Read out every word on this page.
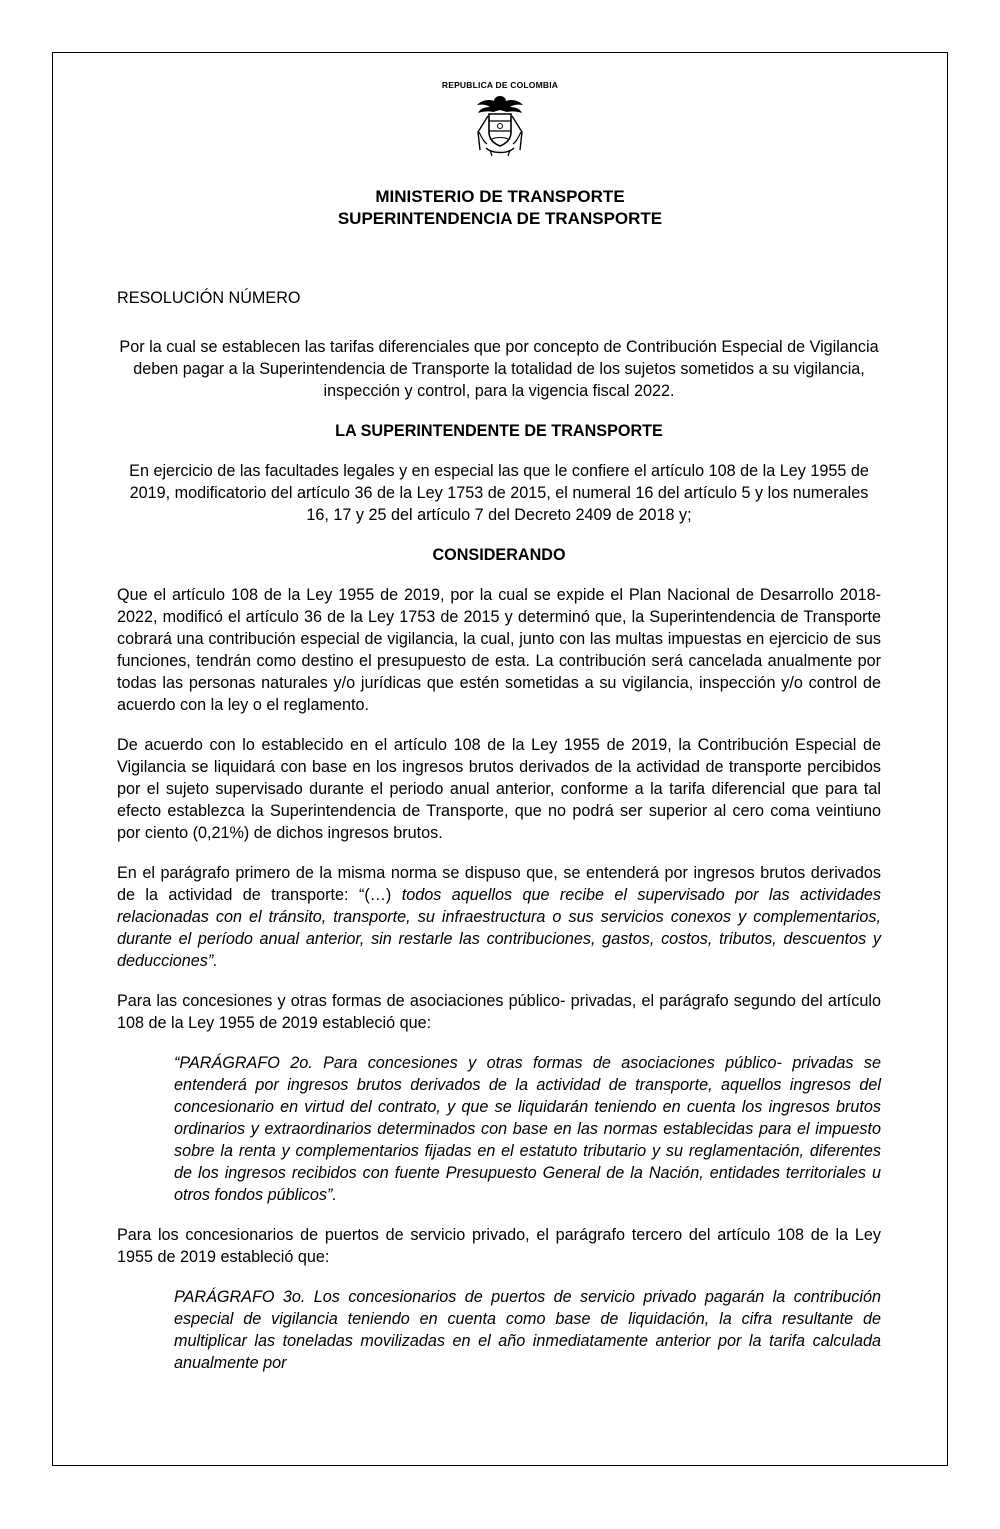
REPUBLICA DE COLOMBIA
MINISTERIO DE TRANSPORTE
SUPERINTENDENCIA DE TRANSPORTE

RESOLUCIÓN NÚMERO

Por la cual se establecen las tarifas diferenciales que por concepto de Contribución Especial de Vigilancia deben pagar a la Superintendencia de Transporte la totalidad de los sujetos sometidos a su vigilancia, inspección y control, para la vigencia fiscal 2022.

LA SUPERINTENDENTE DE TRANSPORTE

En ejercicio de las facultades legales y en especial las que le confiere el artículo 108 de la Ley 1955 de 2019, modificatorio del artículo 36 de la Ley 1753 de 2015, el numeral 16 del artículo 5 y los numerales 16, 17 y 25 del artículo 7 del Decreto 2409 de 2018 y;

CONSIDERANDO

Que el artículo 108 de la Ley 1955 de 2019, por la cual se expide el Plan Nacional de Desarrollo 2018-2022, modificó el artículo 36 de la Ley 1753 de 2015 y determinó que, la Superintendencia de Transporte cobrará una contribución especial de vigilancia, la cual, junto con las multas impuestas en ejercicio de sus funciones, tendrán como destino el presupuesto de esta. La contribución será cancelada anualmente por todas las personas naturales y/o jurídicas que estén sometidas a su vigilancia, inspección y/o control de acuerdo con la ley o el reglamento.

De acuerdo con lo establecido en el artículo 108 de la Ley 1955 de 2019, la Contribución Especial de Vigilancia se liquidará con base en los ingresos brutos derivados de la actividad de transporte percibidos por el sujeto supervisado durante el periodo anual anterior, conforme a la tarifa diferencial que para tal efecto establezca la Superintendencia de Transporte, que no podrá ser superior al cero coma veintiuno por ciento (0,21%) de dichos ingresos brutos.

En el parágrafo primero de la misma norma se dispuso que, se entenderá por ingresos brutos derivados de la actividad de transporte: “(…) todos aquellos que recibe el supervisado por las actividades relacionadas con el tránsito, transporte, su infraestructura o sus servicios conexos y complementarios, durante el período anual anterior, sin restarle las contribuciones, gastos, costos, tributos, descuentos y deducciones”.

Para las concesiones y otras formas de asociaciones público- privadas, el parágrafo segundo del artículo 108 de la Ley 1955 de 2019 estableció que:

“PARÁGRAFO 2o. Para concesiones y otras formas de asociaciones público- privadas se entenderá por ingresos brutos derivados de la actividad de transporte, aquellos ingresos del concesionario en virtud del contrato, y que se liquidarán teniendo en cuenta los ingresos brutos ordinarios y extraordinarios determinados con base en las normas establecidas para el impuesto sobre la renta y complementarios fijadas en el estatuto tributario y su reglamentación, diferentes de los ingresos recibidos con fuente Presupuesto General de la Nación, entidades territoriales u otros fondos públicos”.

Para los concesionarios de puertos de servicio privado, el parágrafo tercero del artículo 108 de la Ley 1955 de 2019 estableció que:

PARÁGRAFO 3o. Los concesionarios de puertos de servicio privado pagarán la contribución especial de vigilancia teniendo en cuenta como base de liquidación, la cifra resultante de multiplicar las toneladas movilizadas en el año inmediatamente anterior por la tarifa calculada anualmente por
